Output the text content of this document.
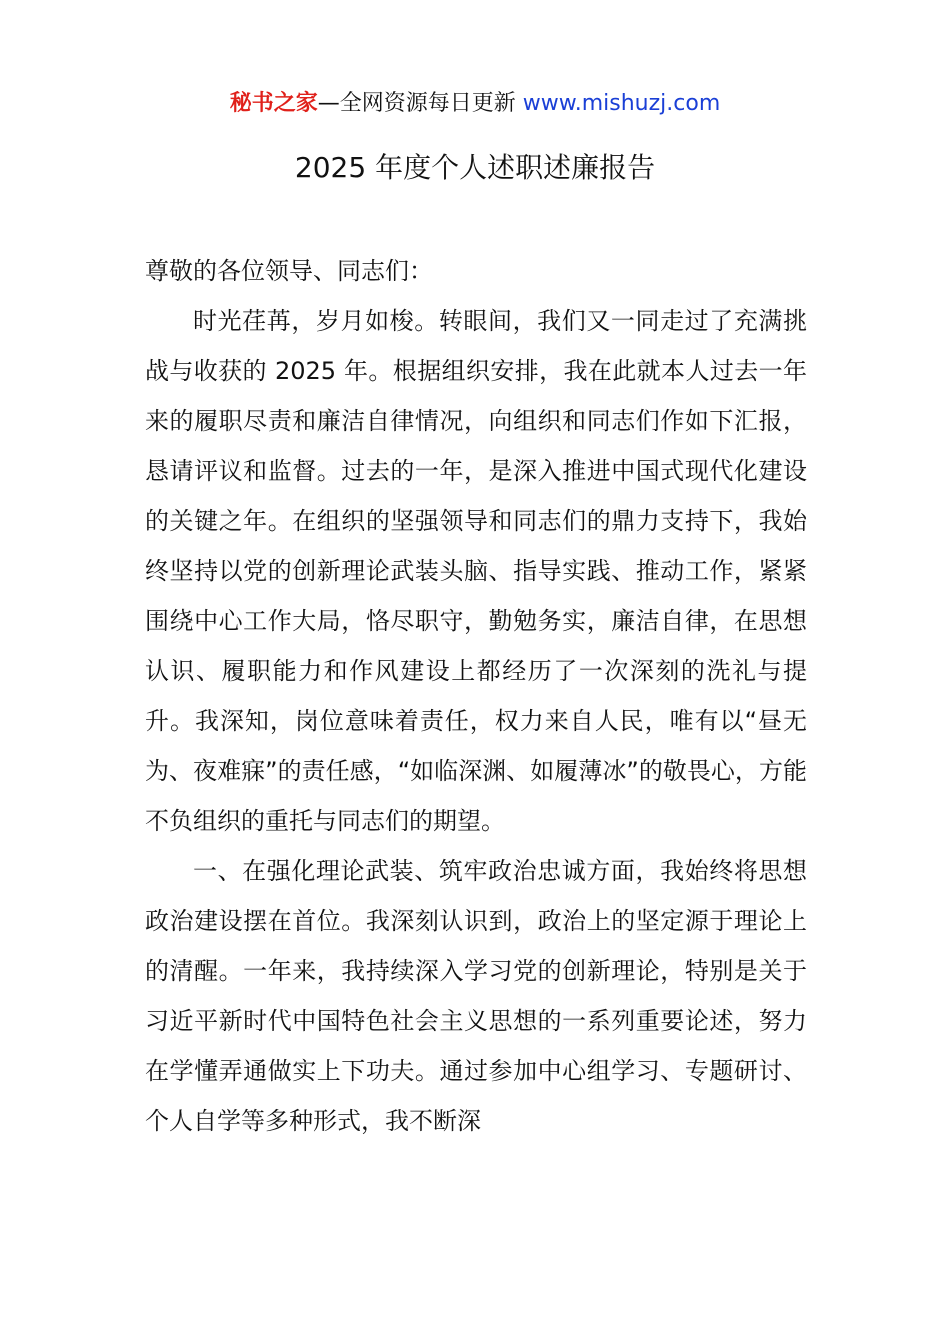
秘书之家—全网资源每日更新 www.mishuzj.com
2025 年度个人述职述廉报告

尊敬的各位领导、同志们：

时光荏苒，岁月如梭。转眼间，我们又一同走过了充满挑战与收获的 2025 年。根据组织安排，我在此就本人过去一年来的履职尽责和廉洁自律情况，向组织和同志们作如下汇报，恳请评议和监督。过去的一年，是深入推进中国式现代化建设的关键之年。在组织的坚强领导和同志们的鼎力支持下，我始终坚持以党的创新理论武装头脑、指导实践、推动工作，紧紧围绕中心工作大局，恪尽职守，勤勉务实，廉洁自律，在思想认识、履职能力和作风建设上都经历了一次深刻的洗礼与提升。我深知，岗位意味着责任，权力来自人民，唯有以“昼无为、夜难寐”的责任感，“如临深渊、如履薄冰”的敬畏心，方能不负组织的重托与同志们的期望。

一、在强化理论武装、筑牢政治忠诚方面，我始终将思想政治建设摆在首位。我深刻认识到，政治上的坚定源于理论上的清醒。一年来，我持续深入学习党的创新理论，特别是关于习近平新时代中国特色社会主义思想的一系列重要论述，努力在学懂弄通做实上下功夫。通过参加中心组学习、专题研讨、个人自学等多种形式，我不断深
